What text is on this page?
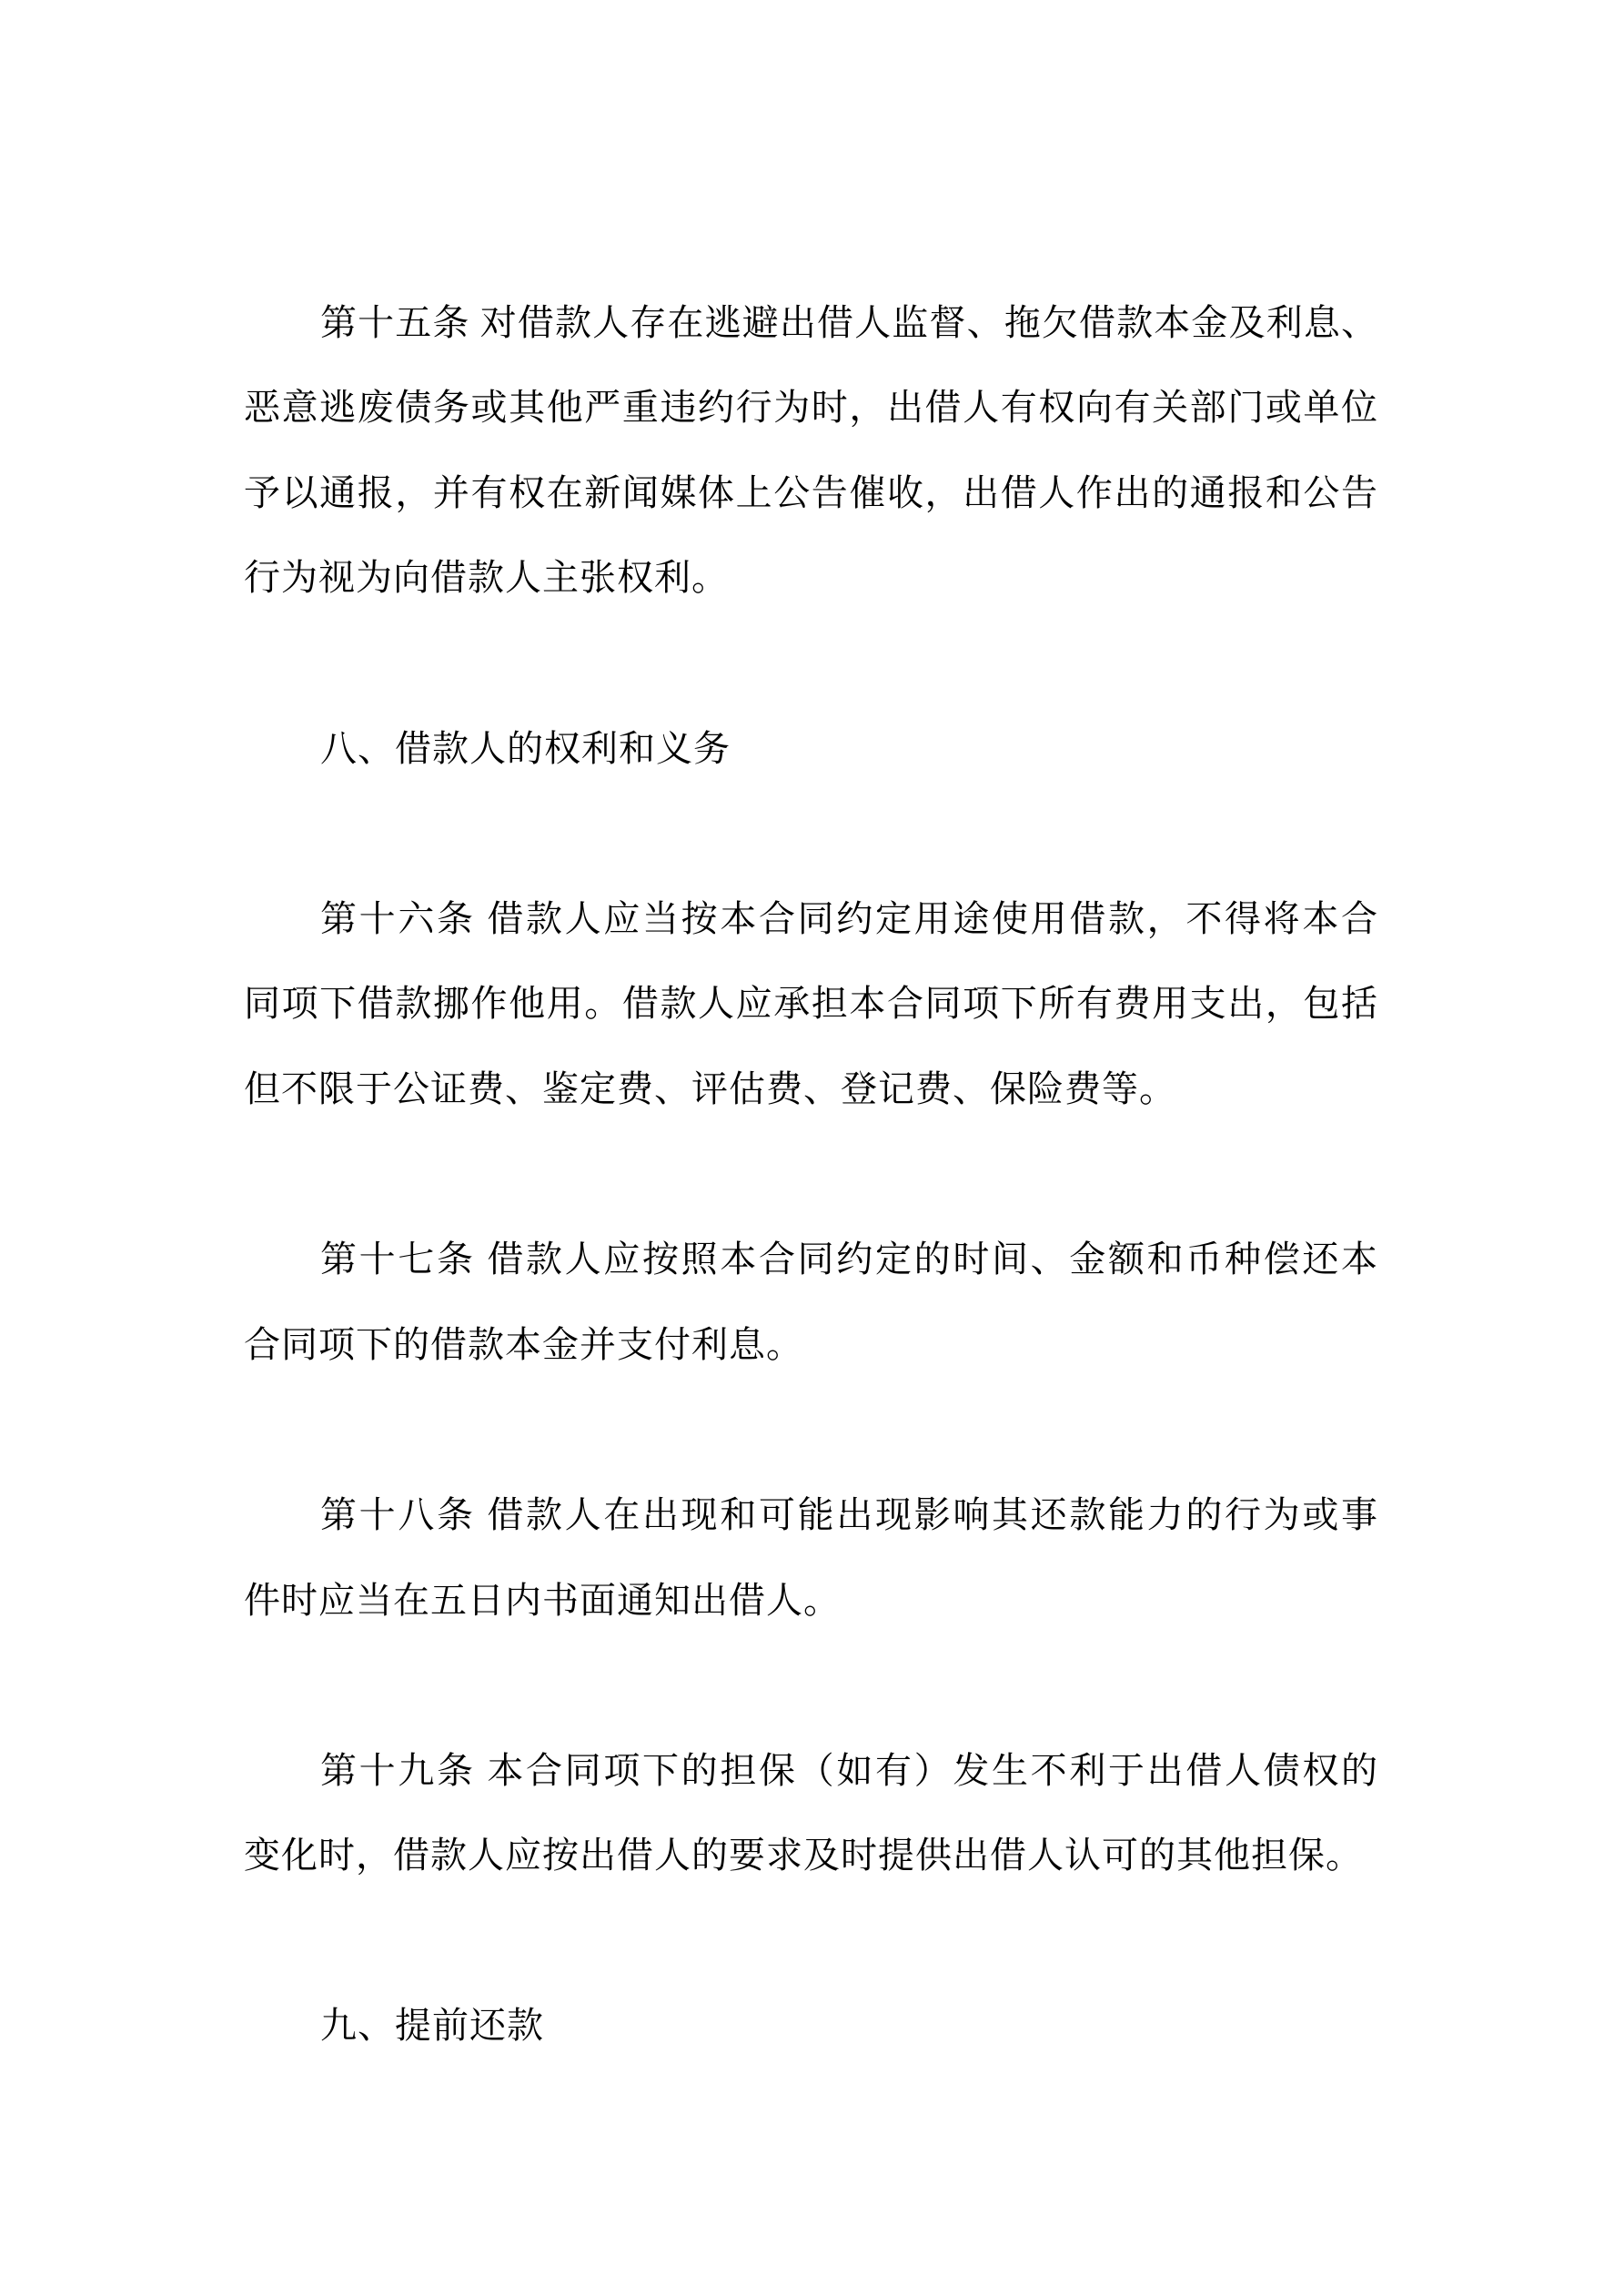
第十五条 对借款人存在逃避出借人监督、拖欠借款本金及利息、
恶意逃废债务或其他严重违约行为时，出借人有权向有关部门或单位
予以通报，并有权在新闻媒体上公告催收，出借人作出的通报和公告
行为视为向借款人主张权利。

八、借款人的权利和义务

第十六条 借款人应当按本合同约定用途使用借款，不得将本合
同项下借款挪作他用。借款人应承担本合同项下所有费用支出，包括
但不限于公证费、鉴定费、评估费、登记费、保险费等。

第十七条 借款人应按照本合同约定的时间、金额和币种偿还本
合同项下的借款本金并支付利息。

第十八条 借款人在出现和可能出现影响其还款能力的行为或事
件时应当在五日内书面通知出借人。

第十九条 本合同项下的担保（如有）发生不利于出借人债权的
变化时，借款人应按出借人的要求及时提供出借人认可的其他担保。

九、提前还款
